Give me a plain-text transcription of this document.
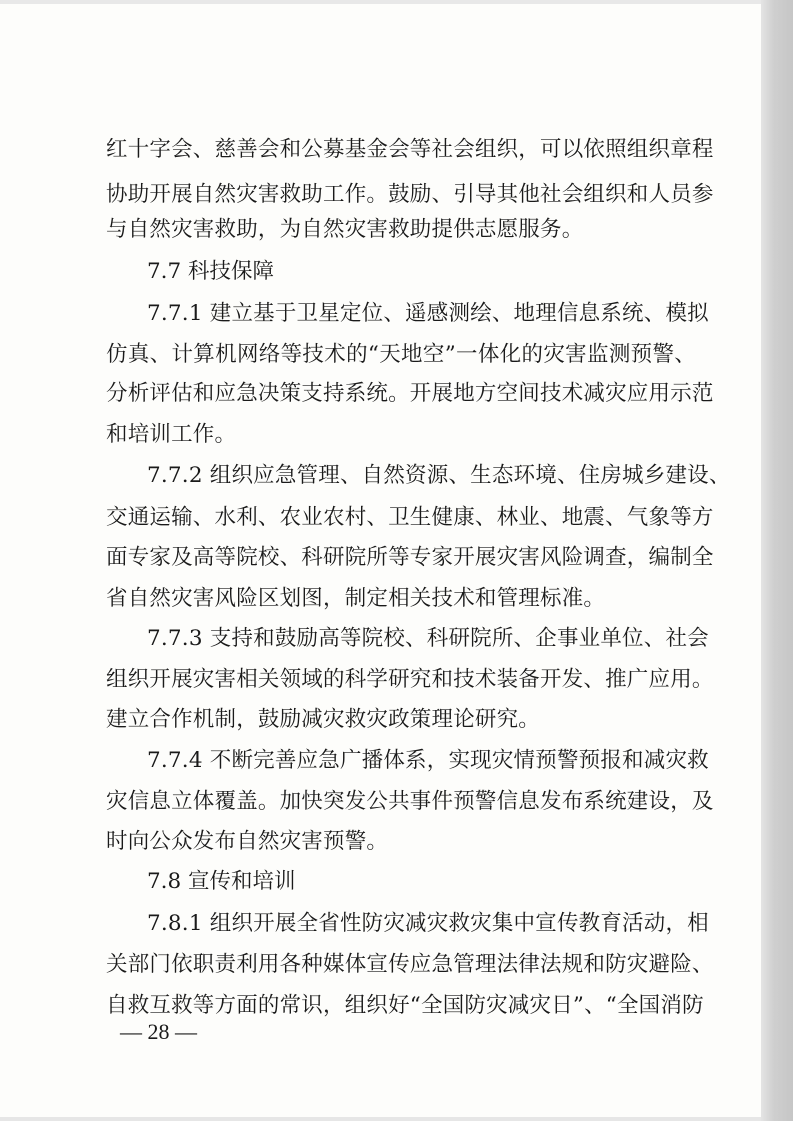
红十字会、慈善会和公募基金会等社会组织，可以依照组织章程
协助开展自然灾害救助工作。鼓励、引导其他社会组织和人员参
与自然灾害救助，为自然灾害救助提供志愿服务。
7.7 科技保障
7.7.1 建立基于卫星定位、遥感测绘、地理信息系统、模拟
仿真、计算机网络等技术的“天地空”一体化的灾害监测预警、
分析评估和应急决策支持系统。开展地方空间技术减灾应用示范
和培训工作。
7.7.2 组织应急管理、自然资源、生态环境、住房城乡建设、
交通运输、水利、农业农村、卫生健康、林业、地震、气象等方
面专家及高等院校、科研院所等专家开展灾害风险调查，编制全
省自然灾害风险区划图，制定相关技术和管理标准。
7.7.3 支持和鼓励高等院校、科研院所、企事业单位、社会
组织开展灾害相关领域的科学研究和技术装备开发、推广应用。
建立合作机制，鼓励减灾救灾政策理论研究。
7.7.4 不断完善应急广播体系，实现灾情预警预报和减灾救
灾信息立体覆盖。加快突发公共事件预警信息发布系统建设，及
时向公众发布自然灾害预警。
7.8 宣传和培训
7.8.1 组织开展全省性防灾减灾救灾集中宣传教育活动，相
关部门依职责利用各种媒体宣传应急管理法律法规和防灾避险、
自救互救等方面的常识，组织好“全国防灾减灾日”、“全国消防
— 28 —
